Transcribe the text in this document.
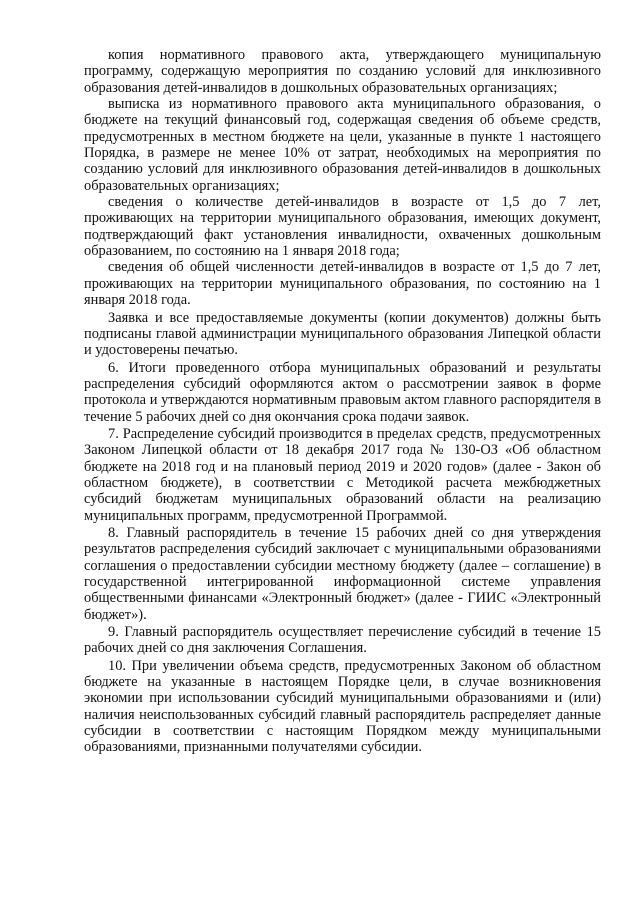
копия нормативного правового акта, утверждающего муниципальную программу, содержащую мероприятия по созданию условий для инклюзивного образования детей-инвалидов в дошкольных образовательных организациях;

выписка из нормативного правового акта муниципального образования, о бюджете на текущий финансовый год, содержащая сведения об объеме средств, предусмотренных в местном бюджете на цели, указанные в пункте 1 настоящего Порядка, в размере не менее 10% от затрат, необходимых на мероприятия по созданию условий для инклюзивного образования детей-инвалидов в дошкольных образовательных организациях;

сведения о количестве детей-инвалидов в возрасте от 1,5 до 7 лет, проживающих на территории муниципального образования, имеющих документ, подтверждающий факт установления инвалидности, охваченных дошкольным образованием, по состоянию на 1 января 2018 года;

сведения об общей численности детей-инвалидов в возрасте от 1,5 до 7 лет, проживающих на территории муниципального образования, по состоянию на 1 января 2018 года.

Заявка и все предоставляемые документы (копии документов) должны быть подписаны главой администрации муниципального образования Липецкой области и удостоверены печатью.

6. Итоги проведенного отбора муниципальных образований и результаты распределения субсидий оформляются актом о рассмотрении заявок в форме протокола и утверждаются нормативным правовым актом главного распорядителя в течение 5 рабочих дней со дня окончания срока подачи заявок.

7. Распределение субсидий производится в пределах средств, предусмотренных Законом Липецкой области от 18 декабря 2017 года № 130-ОЗ «Об областном бюджете на 2018 год и на плановый период 2019 и 2020 годов» (далее - Закон об областном бюджете), в соответствии с Методикой расчета межбюджетных субсидий бюджетам муниципальных образований области на реализацию муниципальных программ, предусмотренной Программой.

8. Главный распорядитель в течение 15 рабочих дней со дня утверждения результатов распределения субсидий заключает с муниципальными образованиями соглашения о предоставлении субсидии местному бюджету (далее – соглашение) в государственной интегрированной информационной системе управления общественными финансами «Электронный бюджет» (далее - ГИИС «Электронный бюджет»).

9. Главный распорядитель осуществляет перечисление субсидий в течение 15 рабочих дней со дня заключения Соглашения.

10. При увеличении объема средств, предусмотренных Законом об областном бюджете на указанные в настоящем Порядке цели, в случае возникновения экономии при использовании субсидий муниципальными образованиями и (или) наличия неиспользованных субсидий главный распорядитель распределяет данные субсидии в соответствии с настоящим Порядком между муниципальными образованиями, признанными получателями субсидии.
